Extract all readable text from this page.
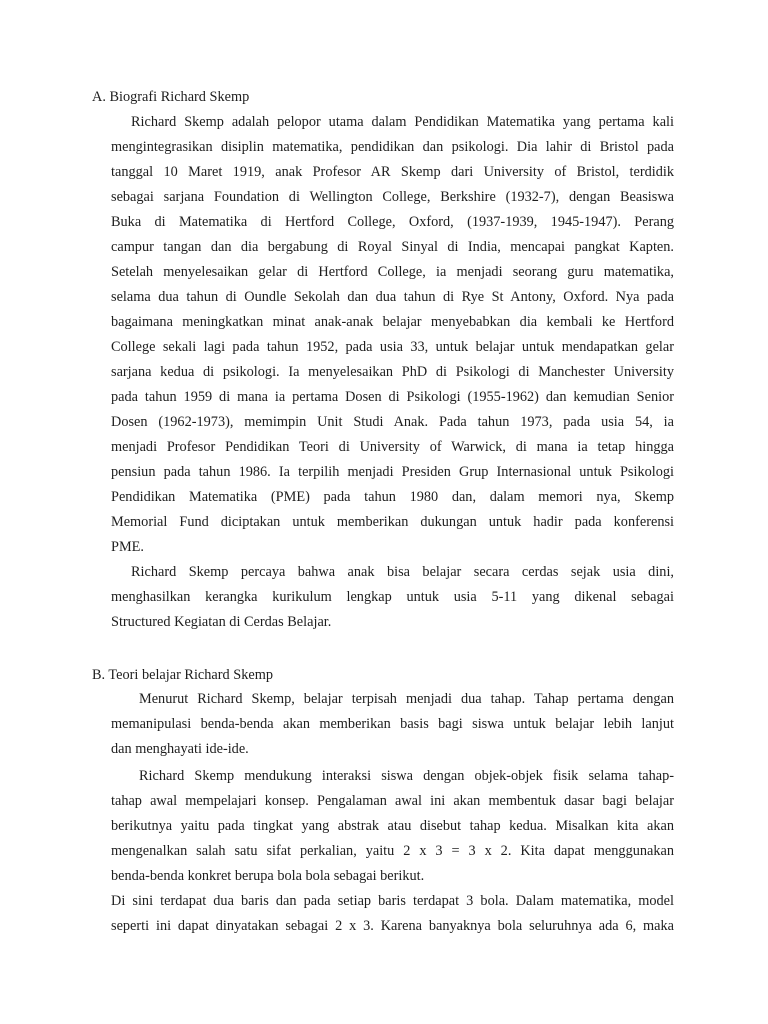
A. Biografi Richard Skemp
Richard Skemp adalah pelopor utama dalam Pendidikan Matematika yang pertama kali
mengintegrasikan disiplin matematika, pendidikan dan psikologi. Dia lahir di Bristol pada
tanggal 10 Maret 1919, anak Profesor AR Skemp dari University of Bristol, terdidik
sebagai sarjana Foundation di Wellington College, Berkshire (1932-7), dengan Beasiswa
Buka di Matematika di Hertford College, Oxford, (1937-1939, 1945-1947). Perang
campur tangan dan dia bergabung di Royal Sinyal di India, mencapai pangkat Kapten.
Setelah menyelesaikan gelar di Hertford College, ia menjadi seorang guru matematika,
selama dua tahun di Oundle Sekolah dan dua tahun di Rye St Antony, Oxford. Nya pada
bagaimana meningkatkan minat anak-anak belajar menyebabkan dia kembali ke Hertford
College sekali lagi pada tahun 1952, pada usia 33, untuk belajar untuk mendapatkan gelar
sarjana kedua di psikologi. Ia menyelesaikan PhD di Psikologi di Manchester University
pada tahun 1959 di mana ia pertama Dosen di Psikologi (1955-1962) dan kemudian Senior
Dosen (1962-1973), memimpin Unit Studi Anak. Pada tahun 1973, pada usia 54, ia
menjadi Profesor Pendidikan Teori di University of Warwick, di mana ia tetap hingga
pensiun pada tahun 1986. Ia terpilih menjadi Presiden Grup Internasional untuk Psikologi
Pendidikan Matematika (PME) pada tahun 1980 dan, dalam memori nya, Skemp
Memorial Fund diciptakan untuk memberikan dukungan untuk hadir pada konferensi
PME.
Richard Skemp percaya bahwa anak bisa belajar secara cerdas sejak usia dini,
menghasilkan kerangka kurikulum lengkap untuk usia 5-11 yang dikenal sebagai
Structured Kegiatan di Cerdas Belajar.
B. Teori belajar Richard Skemp
Menurut Richard Skemp, belajar terpisah menjadi dua tahap. Tahap pertama dengan
memanipulasi benda-benda akan memberikan basis bagi siswa untuk belajar lebih lanjut
dan menghayati ide-ide.
Richard Skemp mendukung interaksi siswa dengan objek-objek fisik selama tahap-
tahap awal mempelajari konsep. Pengalaman awal ini akan membentuk dasar bagi belajar
berikutnya yaitu pada tingkat yang abstrak atau disebut tahap kedua. Misalkan kita akan
mengenalkan salah satu sifat perkalian, yaitu 2 x 3 = 3 x 2. Kita dapat menggunakan
benda-benda konkret berupa bola bola sebagai berikut.
Di sini terdapat dua baris dan pada setiap baris terdapat 3 bola. Dalam matematika, model
seperti ini dapat dinyatakan sebagai 2 x 3. Karena banyaknya bola seluruhnya ada 6, maka
